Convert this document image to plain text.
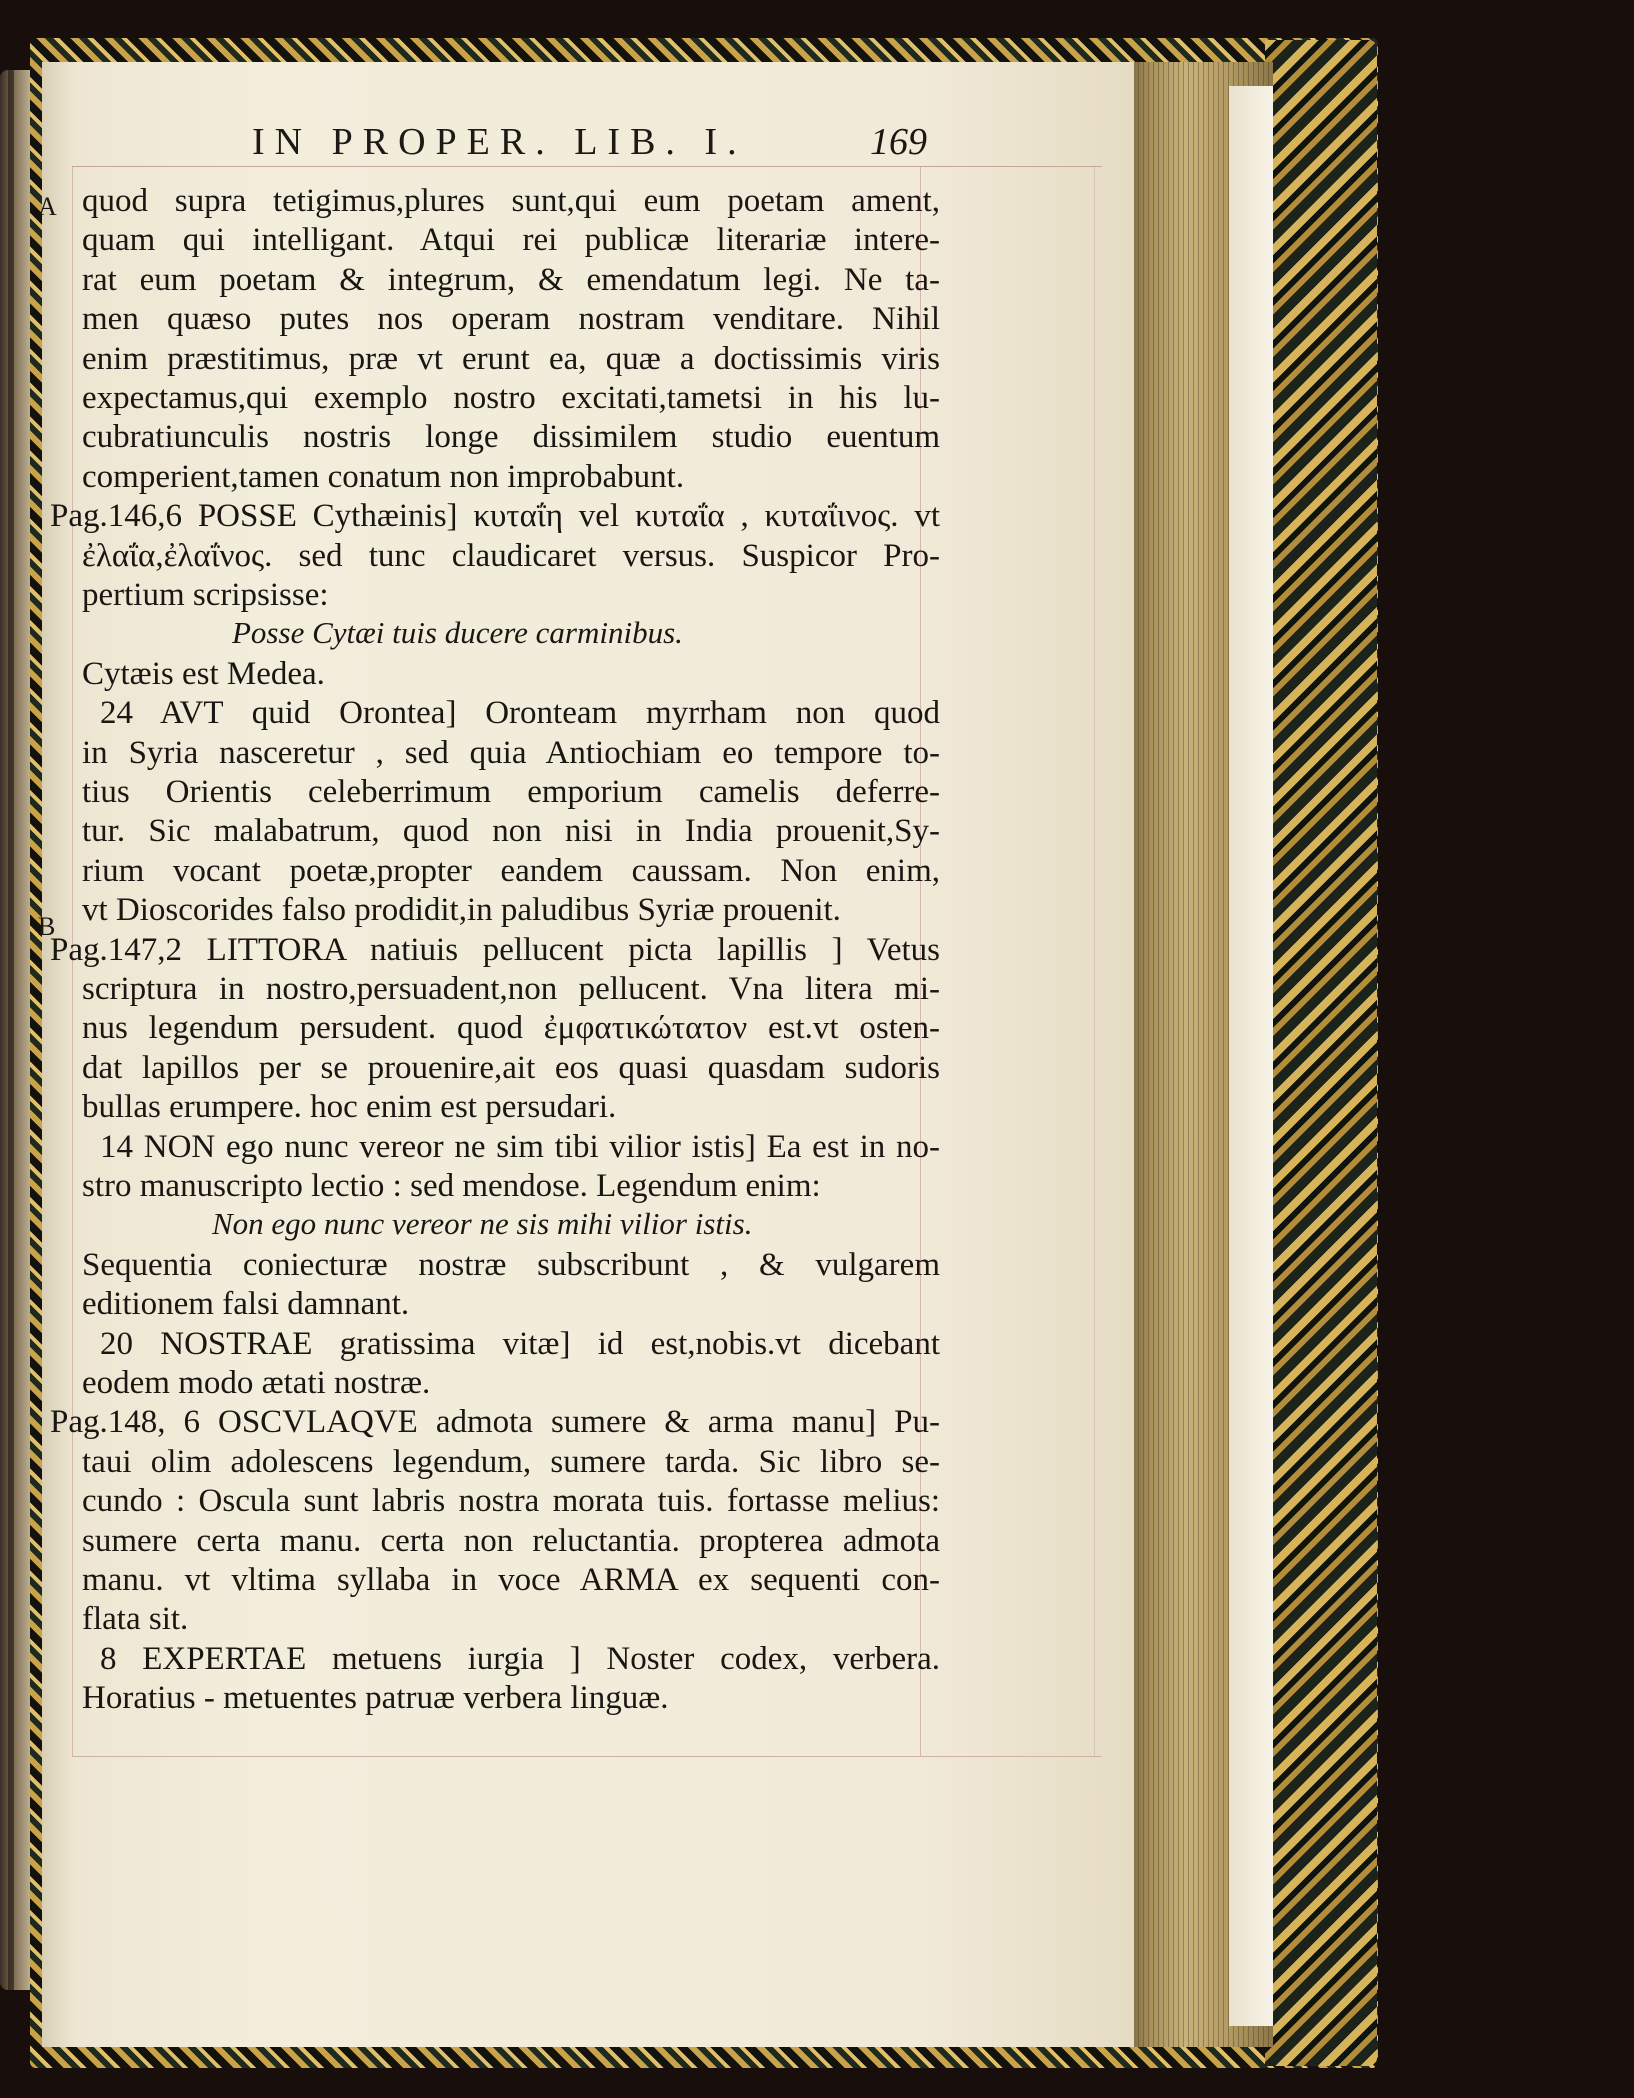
IN PROPER. LIB. I.	169
A
B
quod supra tetigimus,plures sunt,qui eum poetam ament,
quam qui intelligant. Atqui rei publicæ literariæ intere-
rat eum poetam & integrum, & emendatum legi. Ne ta-
men quæso putes nos operam nostram venditare. Nihil
enim præstitimus, præ vt erunt ea, quæ a doctissimis viris
expectamus,qui exemplo nostro excitati,tametsi in his lu-
cubratiunculis nostris longe dissimilem studio euentum
comperient,tamen conatum non improbabunt.
Pag.146,6 POSSE Cythæinis] κυταΐη vel κυταΐα , κυταΐινος. vt
ἐλαΐα,ἐλαΐνος. sed tunc claudicaret versus. Suspicor Pro-
pertium scripsisse:
Posse Cytæi tuis ducere carminibus.
Cytæis est Medea.
24 AVT quid Orontea] Oronteam myrrham non quod
in Syria nasceretur , sed quia Antiochiam eo tempore to-
tius Orientis celeberrimum emporium camelis deferre-
tur. Sic malabatrum, quod non nisi in India prouenit,Sy-
rium vocant poetæ,propter eandem caussam. Non enim,
vt Dioscorides falso prodidit,in paludibus Syriæ prouenit.
Pag.147,2 LITTORA natiuis pellucent picta lapillis ] Vetus
scriptura in nostro,persuadent,non pellucent. Vna litera mi-
nus legendum persudent. quod ἐμφατικώτατον est.vt osten-
dat lapillos per se prouenire,ait eos quasi quasdam sudoris
bullas erumpere. hoc enim est persudari.
14 NON ego nunc vereor ne sim tibi vilior istis] Ea est in no-
stro manuscripto lectio : sed mendose. Legendum enim:
Non ego nunc vereor ne sis mihi vilior istis.
Sequentia coniecturæ nostræ subscribunt , & vulgarem
editionem falsi damnant.
20 NOSTRAE gratissima vitæ] id est,nobis.vt dicebant
eodem modo ætati nostræ.
Pag.148, 6 OSCVLAQVE admota sumere & arma manu] Pu-
taui olim adolescens legendum, sumere tarda. Sic libro se-
cundo : Oscula sunt labris nostra morata tuis. fortasse melius:
sumere certa manu. certa non reluctantia. propterea admota
manu. vt vltima syllaba in voce ARMA ex sequenti con-
flata sit.
8 EXPERTAE metuens iurgia ] Noster codex, verbera.
Horatius - metuentes patruæ verbera linguæ.
